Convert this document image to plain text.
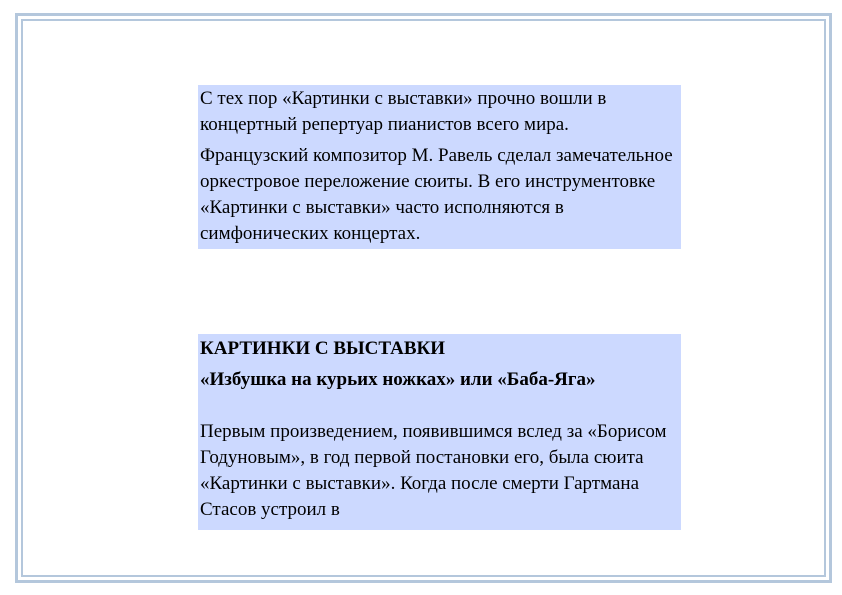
С тех пор «Картинки с выставки» прочно вошли в концертный репертуар пианистов всего мира.

Французский композитор М. Равель сделал замечательное оркестровое переложение сюиты. В его инструментовке «Картинки с выставки» часто исполняются в симфонических концертах.

КАРТИНКИ С ВЫСТАВКИ

«Избушка на курьих ножках» или «Баба-Яга»

Первым произведением, появившимся вслед за «Борисом Годуновым», в год первой постановки его, была сюита «Картинки с выставки». Когда после смерти Гартмана Стасов устроил в
